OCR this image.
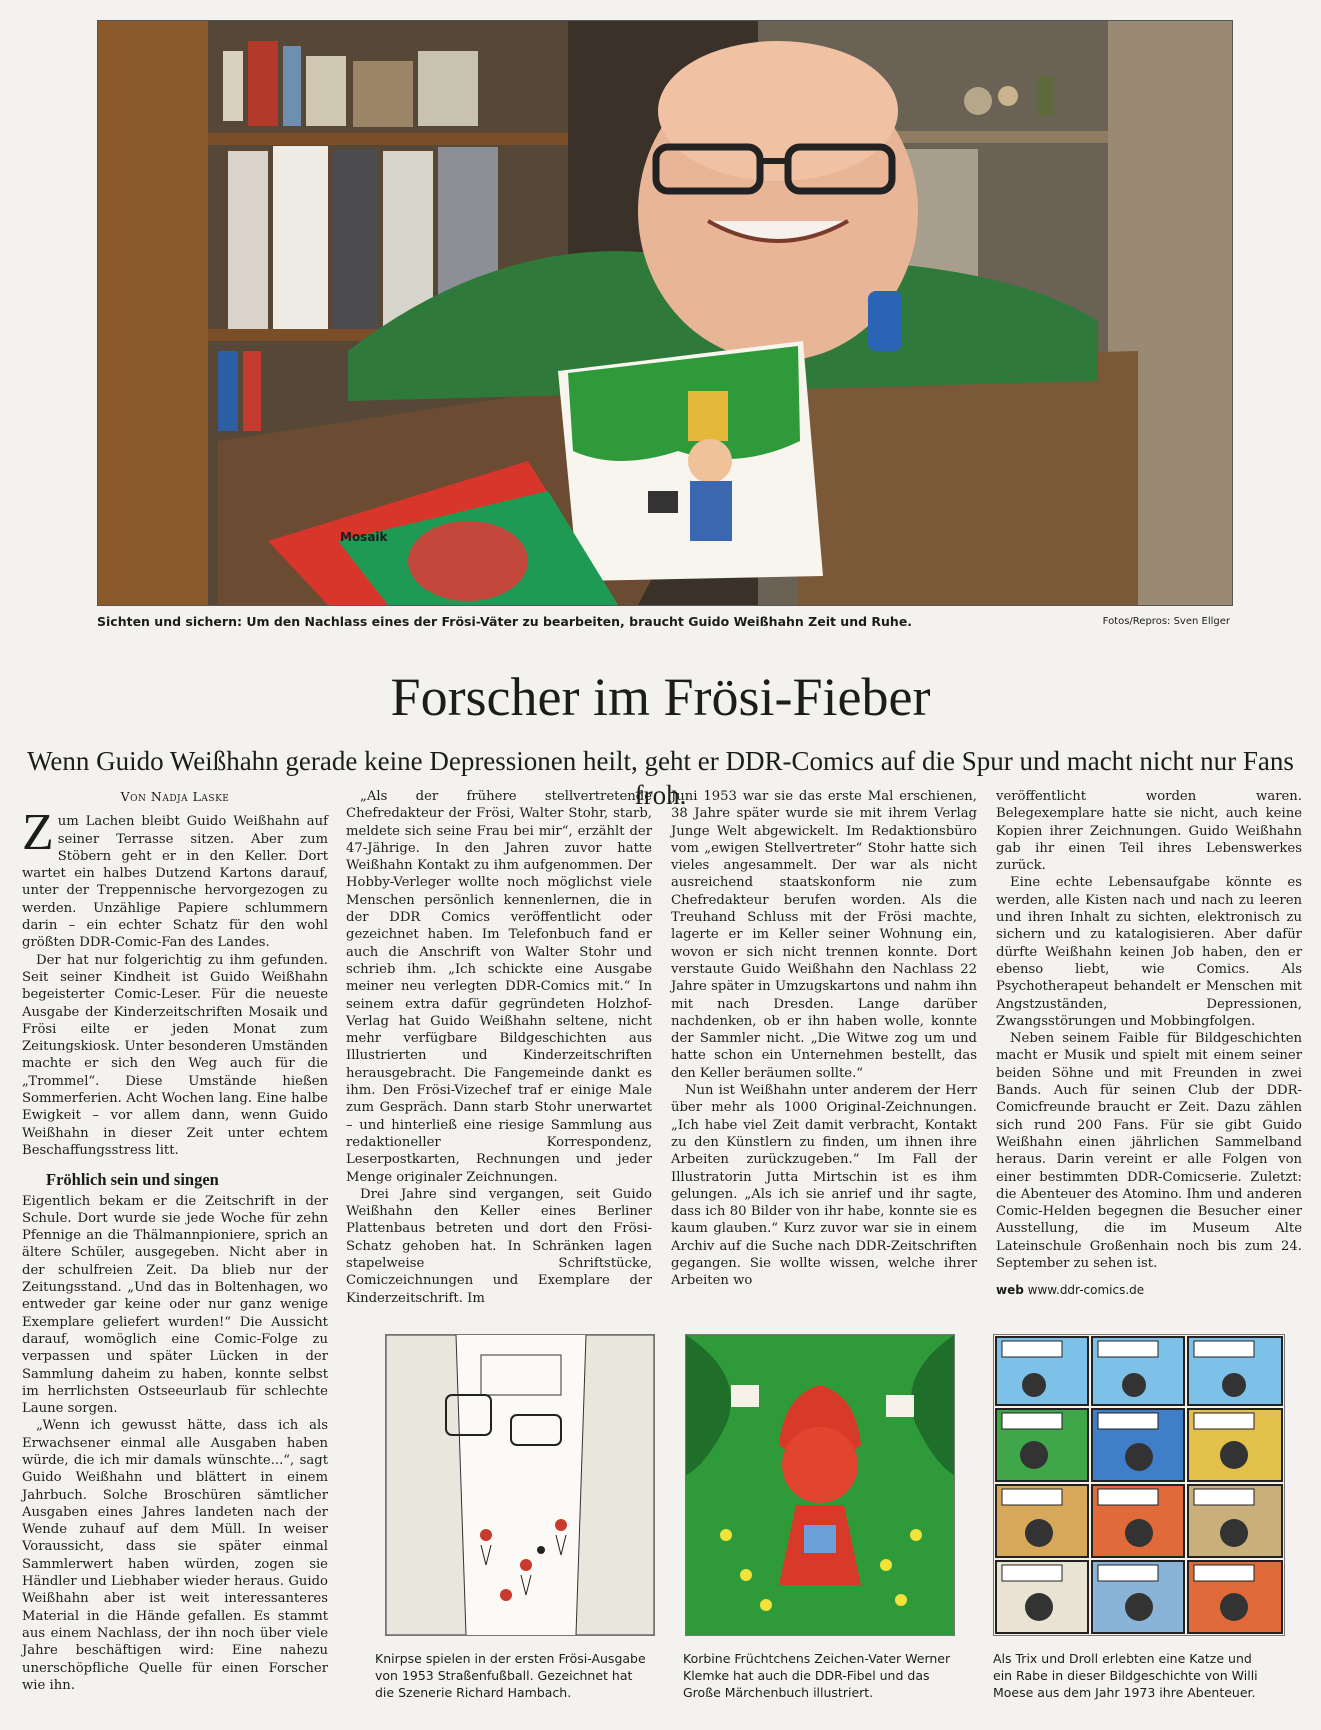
Mosaik
Sichten und sichern: Um den Nachlass eines der Frösi-Väter zu bearbeiten, braucht Guido Weißhahn Zeit und Ruhe.	Fotos/Repros: Sven Ellger
Forscher im Frösi-Fieber
Wenn Guido Weißhahn gerade keine Depressionen heilt, geht er DDR-Comics auf die Spur und macht nicht nur Fans froh.
Von Nadja Laske

Zum Lachen bleibt Guido Weißhahn auf seiner Terrasse sitzen. Aber zum Stöbern geht er in den Keller. Dort wartet ein halbes Dutzend Kartons darauf, unter der Treppennische hervorgezogen zu werden. Unzählige Papiere schlummern darin – ein echter Schatz für den wohl größten DDR-Comic-Fan des Landes.

Der hat nur folgerichtig zu ihm gefunden. Seit seiner Kindheit ist Guido Weißhahn begeisterter Comic-Leser. Für die neueste Ausgabe der Kinderzeitschriften Mosaik und Frösi eilte er jeden Monat zum Zeitungskiosk. Unter besonderen Umständen machte er sich den Weg auch für die „Trommel“. Diese Umstände hießen Sommerferien. Acht Wochen lang. Eine halbe Ewigkeit – vor allem dann, wenn Guido Weißhahn in dieser Zeit unter echtem Beschaffungsstress litt.

Fröhlich sein und singen

Eigentlich bekam er die Zeitschrift in der Schule. Dort wurde sie jede Woche für zehn Pfennige an die Thälmannpioniere, sprich an ältere Schüler, ausgegeben. Nicht aber in der schulfreien Zeit. Da blieb nur der Zeitungsstand. „Und das in Boltenhagen, wo entweder gar keine oder nur ganz wenige Exemplare geliefert wurden!“ Die Aussicht darauf, womöglich eine Comic-Folge zu verpassen und später Lücken in der Sammlung daheim zu haben, konnte selbst im herrlichsten Ostseeurlaub für schlechte Laune sorgen.

„Wenn ich gewusst hätte, dass ich als Erwachsener einmal alle Ausgaben haben würde, die ich mir damals wünschte...“, sagt Guido Weißhahn und blättert in einem Jahrbuch. Solche Broschüren sämtlicher Ausgaben eines Jahres landeten nach der Wende zuhauf auf dem Müll. In weiser Voraussicht, dass sie später einmal Sammlerwert haben würden, zogen sie Händler und Liebhaber wieder heraus. Guido Weißhahn aber ist weit interessanteres Material in die Hände gefallen. Es stammt aus einem Nachlass, der ihn noch über viele Jahre beschäftigen wird: Eine nahezu unerschöpfliche Quelle für einen Forscher wie ihn.

„Als der frühere stellvertretende Chefredakteur der Frösi, Walter Stohr, starb, meldete sich seine Frau bei mir“, erzählt der 47-Jährige. In den Jahren zuvor hatte Weißhahn Kontakt zu ihm aufgenommen. Der Hobby-Verleger wollte noch möglichst viele Menschen persönlich kennenlernen, die in der DDR Comics veröffentlicht oder gezeichnet haben. Im Telefonbuch fand er auch die Anschrift von Walter Stohr und schrieb ihm. „Ich schickte eine Ausgabe meiner neu verlegten DDR-Comics mit.“ In seinem extra dafür gegründeten Holzhof-Verlag hat Guido Weißhahn seltene, nicht mehr verfügbare Bildgeschichten aus Illustrierten und Kinderzeitschriften herausgebracht. Die Fangemeinde dankt es ihm. Den Frösi-Vizechef traf er einige Male zum Gespräch. Dann starb Stohr unerwartet – und hinterließ eine riesige Sammlung aus redaktioneller Korrespondenz, Leserpostkarten, Rechnungen und jeder Menge originaler Zeichnungen.

Drei Jahre sind vergangen, seit Guido Weißhahn den Keller eines Berliner Plattenbaus betreten und dort den Frösi-Schatz gehoben hat. In Schränken lagen stapelweise Schriftstücke, Comiczeichnungen und Exemplare der Kinderzeitschrift. Im

Juni 1953 war sie das erste Mal erschienen, 38 Jahre später wurde sie mit ihrem Verlag Junge Welt abgewickelt. Im Redaktionsbüro vom „ewigen Stellvertreter“ Stohr hatte sich vieles angesammelt. Der war als nicht ausreichend staatskonform nie zum Chefredakteur berufen worden. Als die Treuhand Schluss mit der Frösi machte, lagerte er im Keller seiner Wohnung ein, wovon er sich nicht trennen konnte. Dort verstaute Guido Weißhahn den Nachlass 22 Jahre später in Umzugskartons und nahm ihn mit nach Dresden. Lange darüber nachdenken, ob er ihn haben wolle, konnte der Sammler nicht. „Die Witwe zog um und hatte schon ein Unternehmen bestellt, das den Keller beräumen sollte.“

Nun ist Weißhahn unter anderem der Herr über mehr als 1000 Original-Zeichnungen. „Ich habe viel Zeit damit verbracht, Kontakt zu den Künstlern zu finden, um ihnen ihre Arbeiten zurückzugeben.“ Im Fall der Illustratorin Jutta Mirtschin ist es ihm gelungen. „Als ich sie anrief und ihr sagte, dass ich 80 Bilder von ihr habe, konnte sie es kaum glauben.“ Kurz zuvor war sie in einem Archiv auf die Suche nach DDR-Zeitschriften gegangen. Sie wollte wissen, welche ihrer Arbeiten wo

veröffentlicht worden waren. Belegexemplare hatte sie nicht, auch keine Kopien ihrer Zeichnungen. Guido Weißhahn gab ihr einen Teil ihres Lebenswerkes zurück.

Eine echte Lebensaufgabe könnte es werden, alle Kisten nach und nach zu leeren und ihren Inhalt zu sichten, elektronisch zu sichern und zu katalogisieren. Aber dafür dürfte Weißhahn keinen Job haben, den er ebenso liebt, wie Comics. Als Psychotherapeut behandelt er Menschen mit Angstzuständen, Depressionen, Zwangsstörungen und Mobbingfolgen.

Neben seinem Faible für Bildgeschichten macht er Musik und spielt mit einem seiner beiden Söhne und mit Freunden in zwei Bands. Auch für seinen Club der DDR-Comicfreunde braucht er Zeit. Dazu zählen sich rund 200 Fans. Für sie gibt Guido Weißhahn einen jährlichen Sammelband heraus. Darin vereint er alle Folgen von einer bestimmten DDR-Comicserie. Zuletzt: die Abenteuer des Atomino. Ihm und anderen Comic-Helden begegnen die Besucher einer Ausstellung, die im Museum Alte Lateinschule Großenhain noch bis zum 24. September zu sehen ist.

web www.ddr-comics.de
Knirpse spielen in der ersten Frösi-Ausgabe von 1953 Straßenfußball. Gezeichnet hat die Szenerie Richard Hambach.
Korbine Früchtchens Zeichen-Vater Werner Klemke hat auch die DDR-Fibel und das Große Märchenbuch illustriert.
Als Trix und Droll erlebten eine Katze und ein Rabe in dieser Bildgeschichte von Willi Moese aus dem Jahr 1973 ihre Abenteuer.
